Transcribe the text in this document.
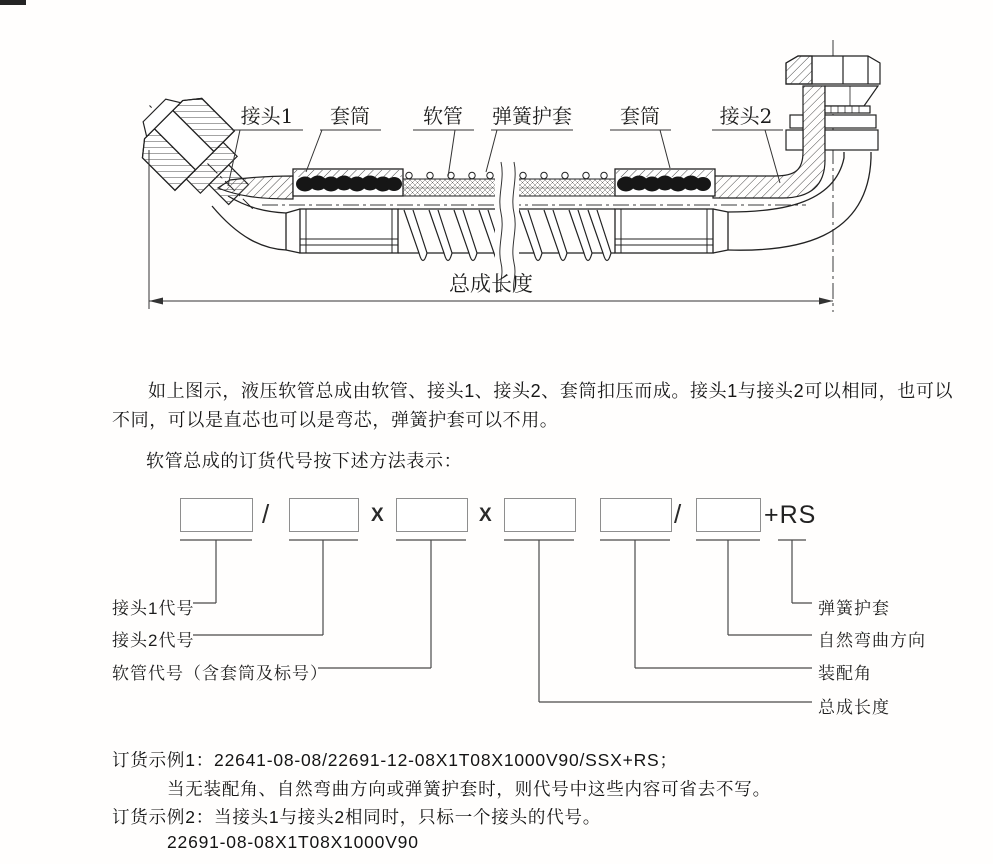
接头1 套筒	软管 弹簧护套 套筒	接头2
总成长度
如上图示，液压软管总成由软管、接头1、接头2、套筒扣压而成。接头1与接头2可以相同，也可以不同，可以是直芯也可以是弯芯，弹簧护套可以不用。
软管总成的订货代号按下述方法表示：
/	X	X	/	+RS
接头1代号
接头2代号
软管代号（含套筒及标号）
弹簧护套
自然弯曲方向
装配角
总成长度
订货示例1：22641-08-08/22691-12-08X1T08X1000V90/SSX+RS；
当无装配角、自然弯曲方向或弹簧护套时，则代号中这些内容可省去不写。
订货示例2：当接头1与接头2相同时，只标一个接头的代号。
22691-08-08X1T08X1000V90
